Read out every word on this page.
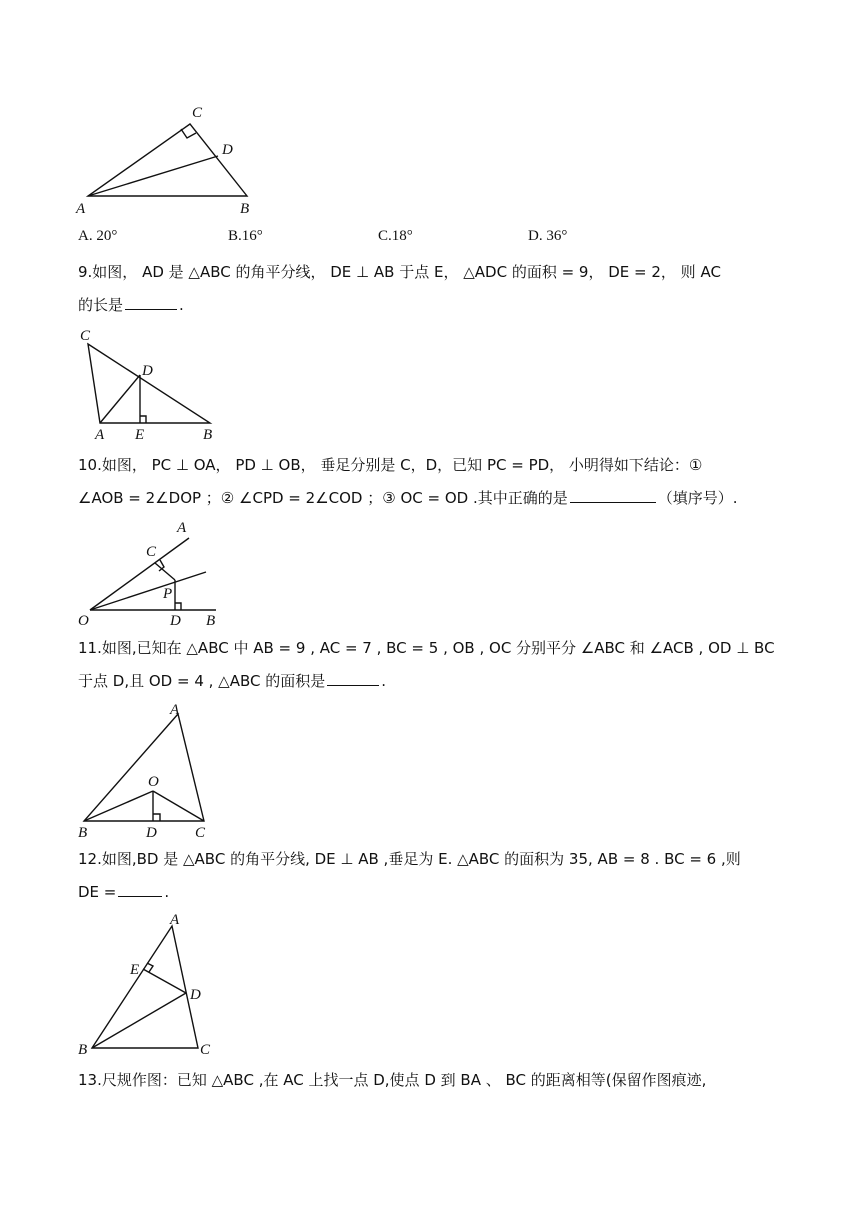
C
D
A	B
A. 20°	B.16°	C.18°	D. 36°
9.如图， AD 是 △ABC 的角平分线， DE ⊥ AB 于点 E， △ADC 的面积 = 9， DE = 2， 则 AC
的长是	.
C
D
A E	B
10.如图， PC ⊥ OA， PD ⊥ OB， 垂足分别是 C，D，已知 PC = PD， 小明得如下结论：①
∠AOB = 2∠DOP ；② ∠CPD = 2∠COD ；③ OC = OD .其中正确的是	（填序号）.
A
C
P
O	D B
11.如图,已知在 △ABC 中 AB = 9 , AC = 7 , BC = 5 , OB , OC 分别平分 ∠ABC 和 ∠ACB , OD ⊥ BC
于点 D,且 OD = 4 , △ABC 的面积是	.
A
O
B	D	C
12.如图,BD 是 △ABC 的角平分线, DE ⊥ AB ,垂足为 E. △ABC 的面积为 35, AB = 8 . BC = 6 ,则
DE =	.
A
E
D
B	C
13.尺规作图：已知 △ABC ,在 AC 上找一点 D,使点 D 到 BA 、 BC 的距离相等(保留作图痕迹,
